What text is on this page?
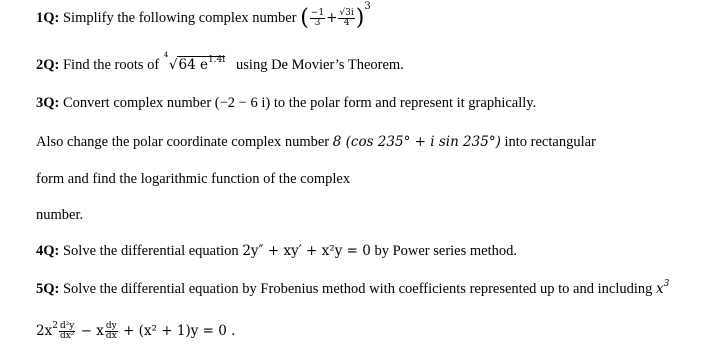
1Q: Simplify the following complex number ( $\frac{-1}{3} + \frac{√3i}{4} )^3$
2Q: Find the roots of
4
√64 $e^{1.4i}$ using De Movier’s Theorem.
3Q: Convert complex number (−2 − 6 i) to the polar form and represent it graphically.
Also change the polar coordinate complex number 8 (cos 235° + i sin 235°) into rectangular
form and find the logarithmic function of the complex
number.
4Q: Solve the differential equation 2y″ + xy′ + x²y = 0 by Power series method.
5Q: Solve the differential equation by Frobenius method with coefficients represented up to and including $x^3$
$2x^2 \frac{\text{d²y}}{\text{dx²}} - x \frac{dy}{dx} + (x^2 + 1)y = 0$ .
